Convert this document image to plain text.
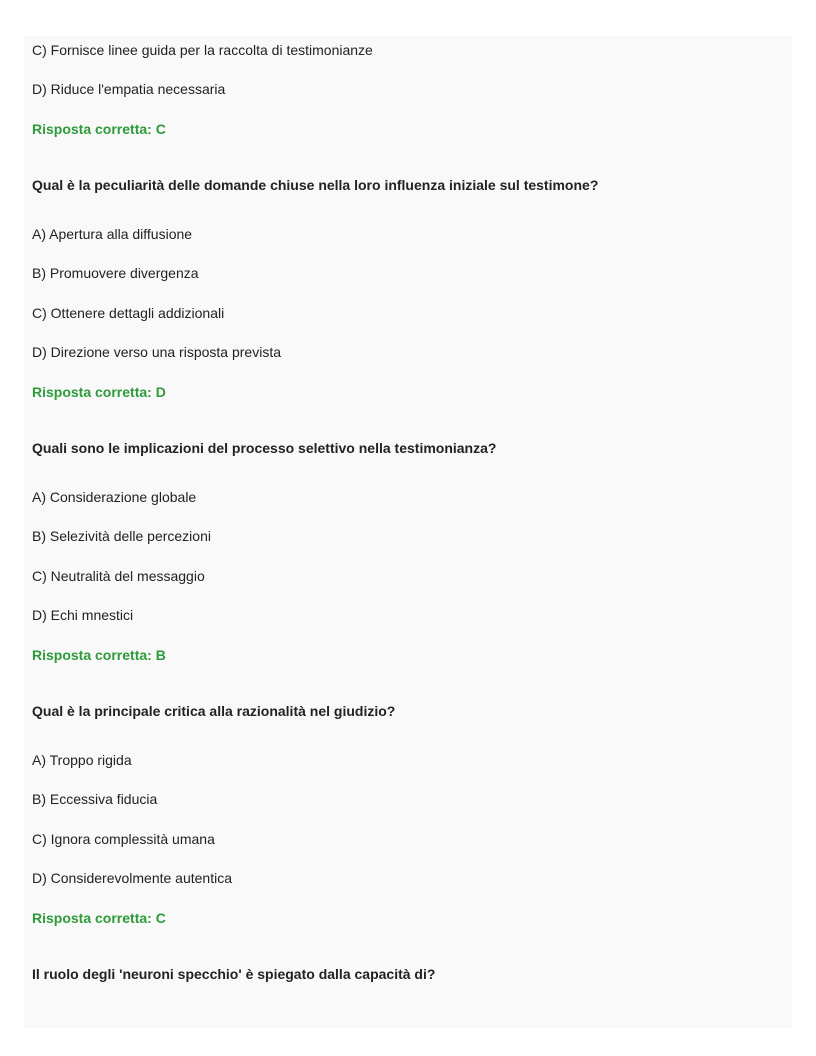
C) Fornisce linee guida per la raccolta di testimonianze
D) Riduce l'empatia necessaria
Risposta corretta: C
Qual è la peculiarità delle domande chiuse nella loro influenza iniziale sul testimone?
A) Apertura alla diffusione
B) Promuovere divergenza
C) Ottenere dettagli addizionali
D) Direzione verso una risposta prevista
Risposta corretta: D
Quali sono le implicazioni del processo selettivo nella testimonianza?
A) Considerazione globale
B) Selezività delle percezioni
C) Neutralità del messaggio
D) Echi mnestici
Risposta corretta: B
Qual è la principale critica alla razionalità nel giudizio?
A) Troppo rigida
B) Eccessiva fiducia
C) Ignora complessità umana
D) Considerevolmente autentica
Risposta corretta: C
Il ruolo degli 'neuroni specchio' è spiegato dalla capacità di?
